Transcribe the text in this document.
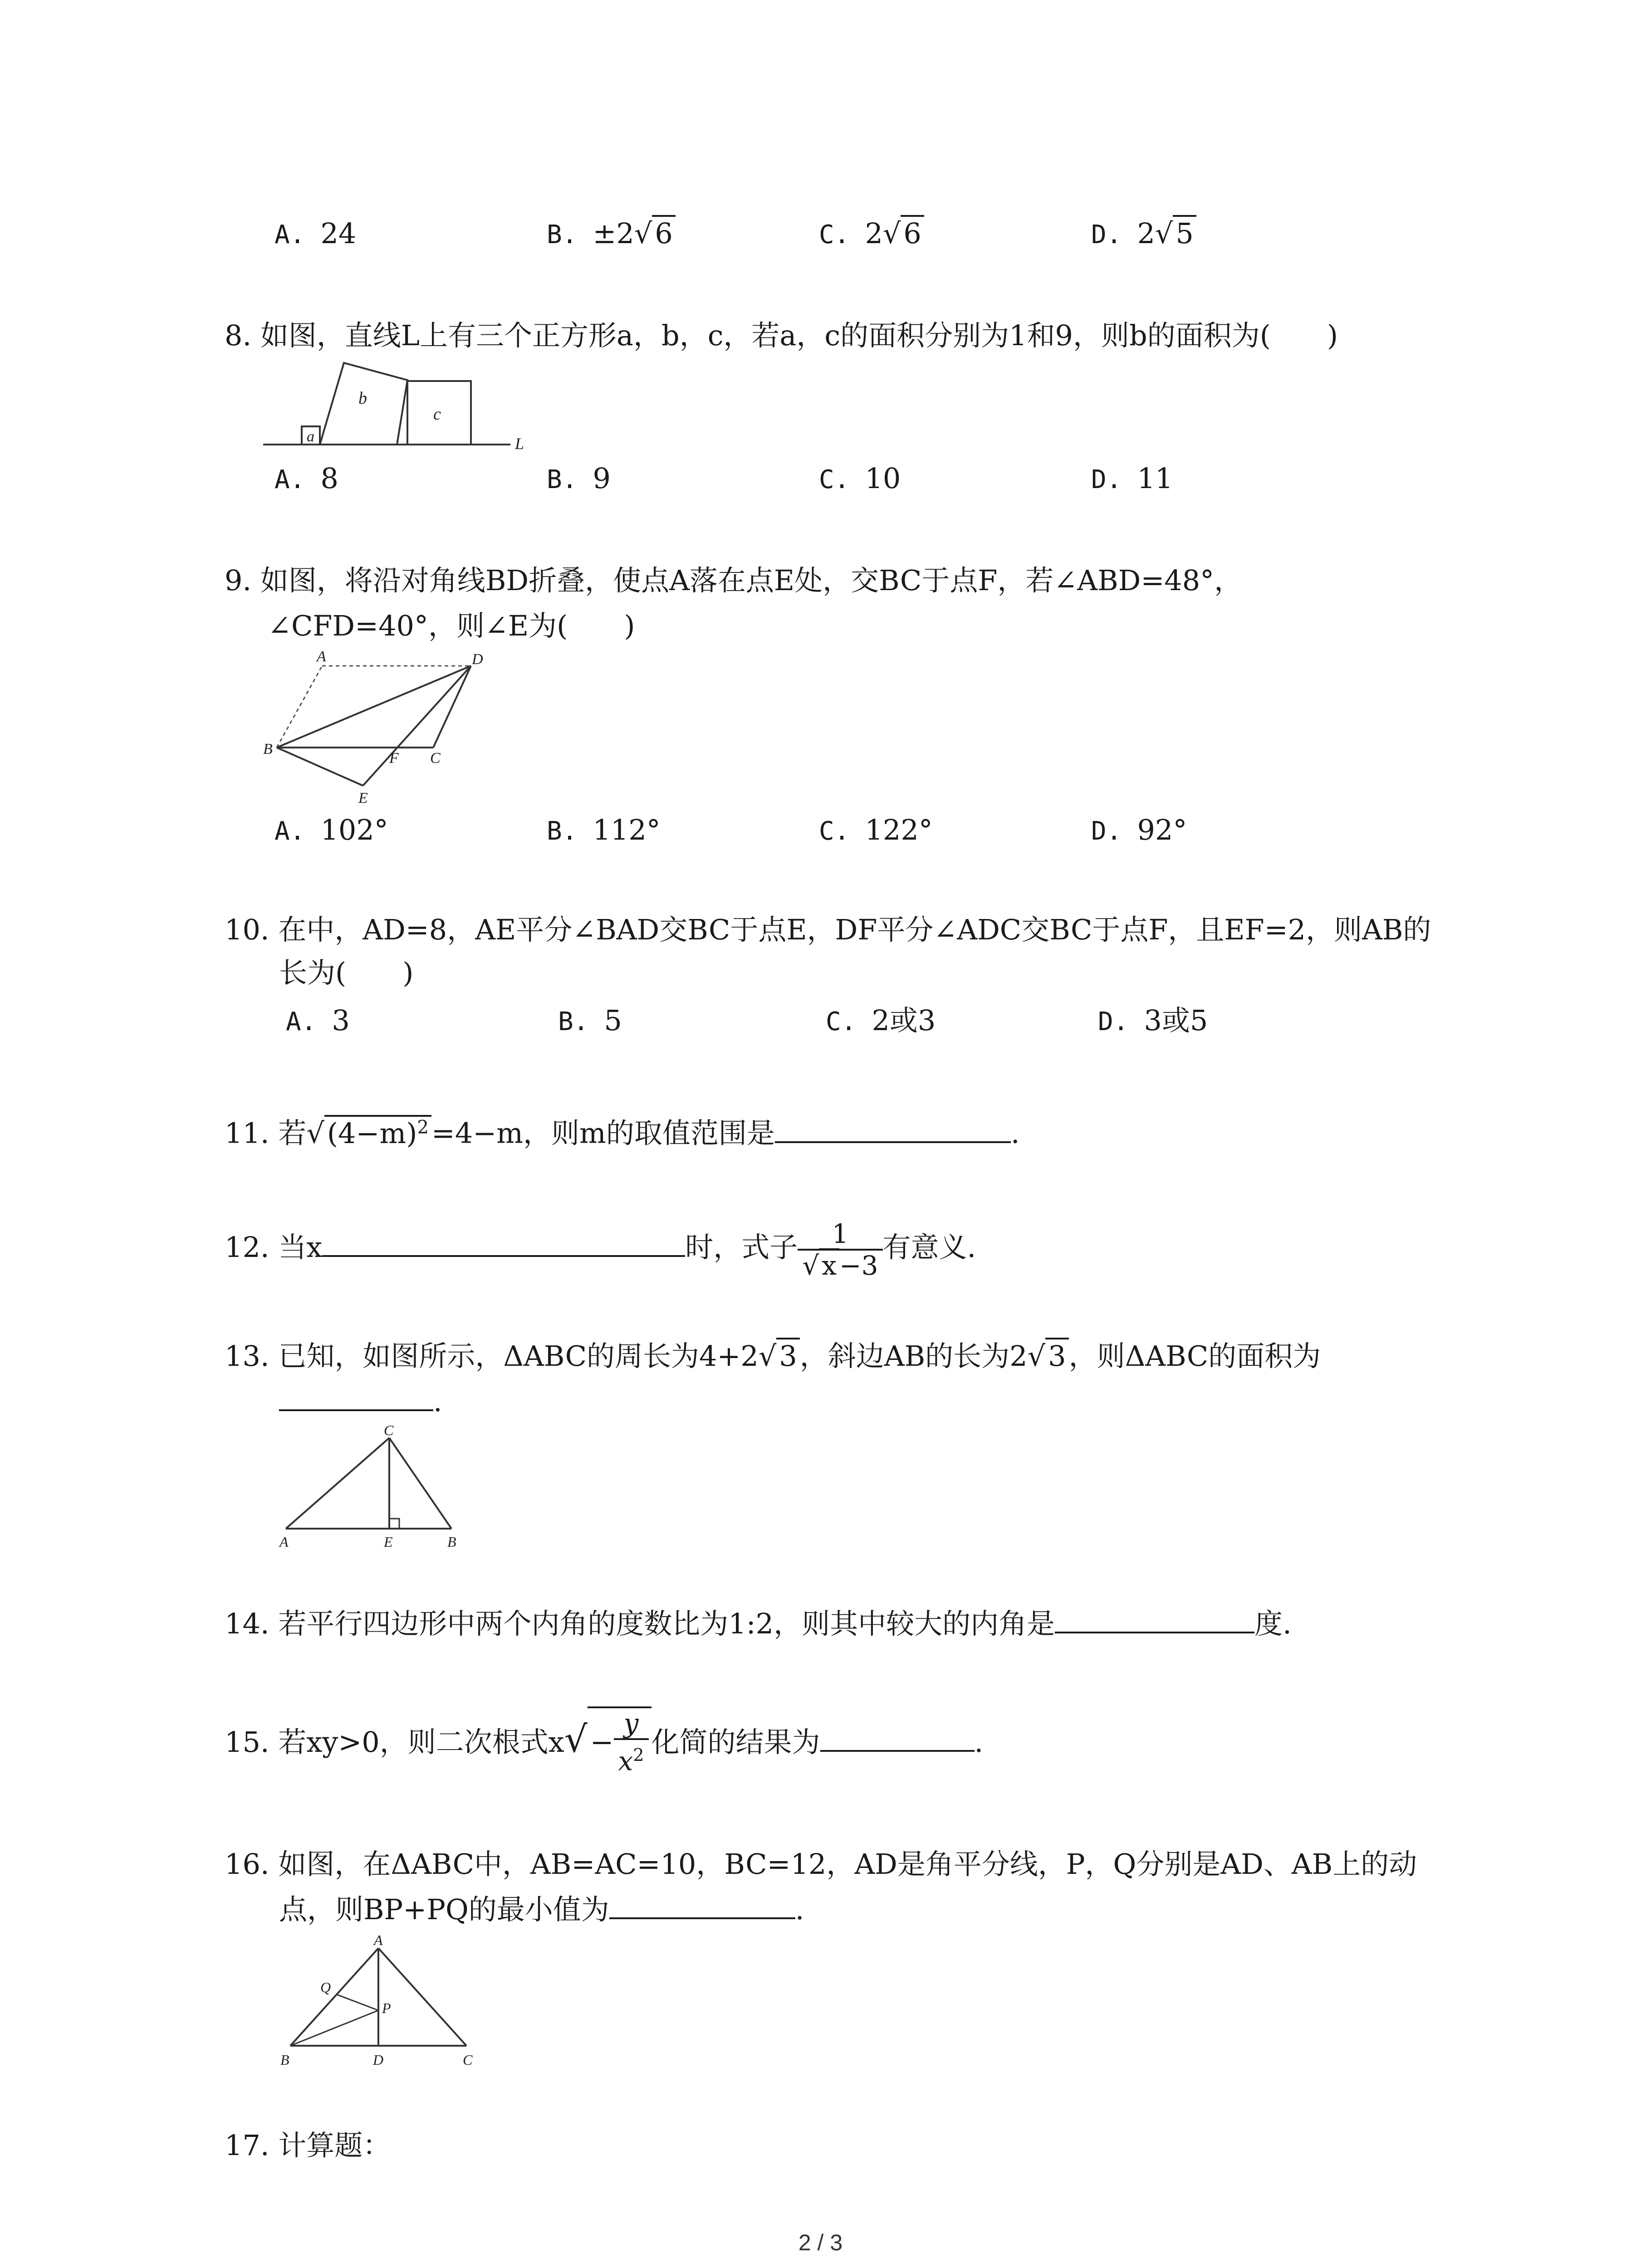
A. 24	B. ±2√6	C. 2√6	D. 2√5
8. 如图，直线L上有三个正方形a，b，c，若a，c的面积分别为1和9，则b的面积为(　　)
a
b
c
L
A. 8	B. 9	C. 10	D. 11
9. 如图，将沿对角线BD折叠，使点A落在点E处，交BC于点F，若∠ABD=48°，
∠CFD=40°，则∠E为(　　)
A	D
B
F C
E
A. 102°	B. 112°	C. 122°	D. 92°
10. 在中，AD=8，AE平分∠BAD交BC于点E，DF平分∠ADC交BC于点F，且EF=2，则AB的
长为(　　)
A. 3	B. 5	C. 2或3	D. 3或5
11. 若$√(4-m)^2=4-m$，则m的取值范围是	.
12. 当x	时，式子 $\frac{1}{√ x -3}$ 有意义.
13. 已知，如图所示，ΔABC的周长为4+2√3，斜边AB的长为2√3，则ΔABC的面积为
.
C
A	E	B
14. 若平行四边形中两个内角的度数比为1:2，则其中较大的内角是	度.
15. 若xy>0，则二次根式$x√ - \frac{y}{x^2}$ 化简的结果为	.
16. 如图，在ΔABC中，AB=AC=10，BC=12，AD是角平分线，P，Q分别是AD、AB上的动
点，则BP+PQ的最小值为	.
A
Q
P
B	D	C
17. 计算题：
2 / 3
